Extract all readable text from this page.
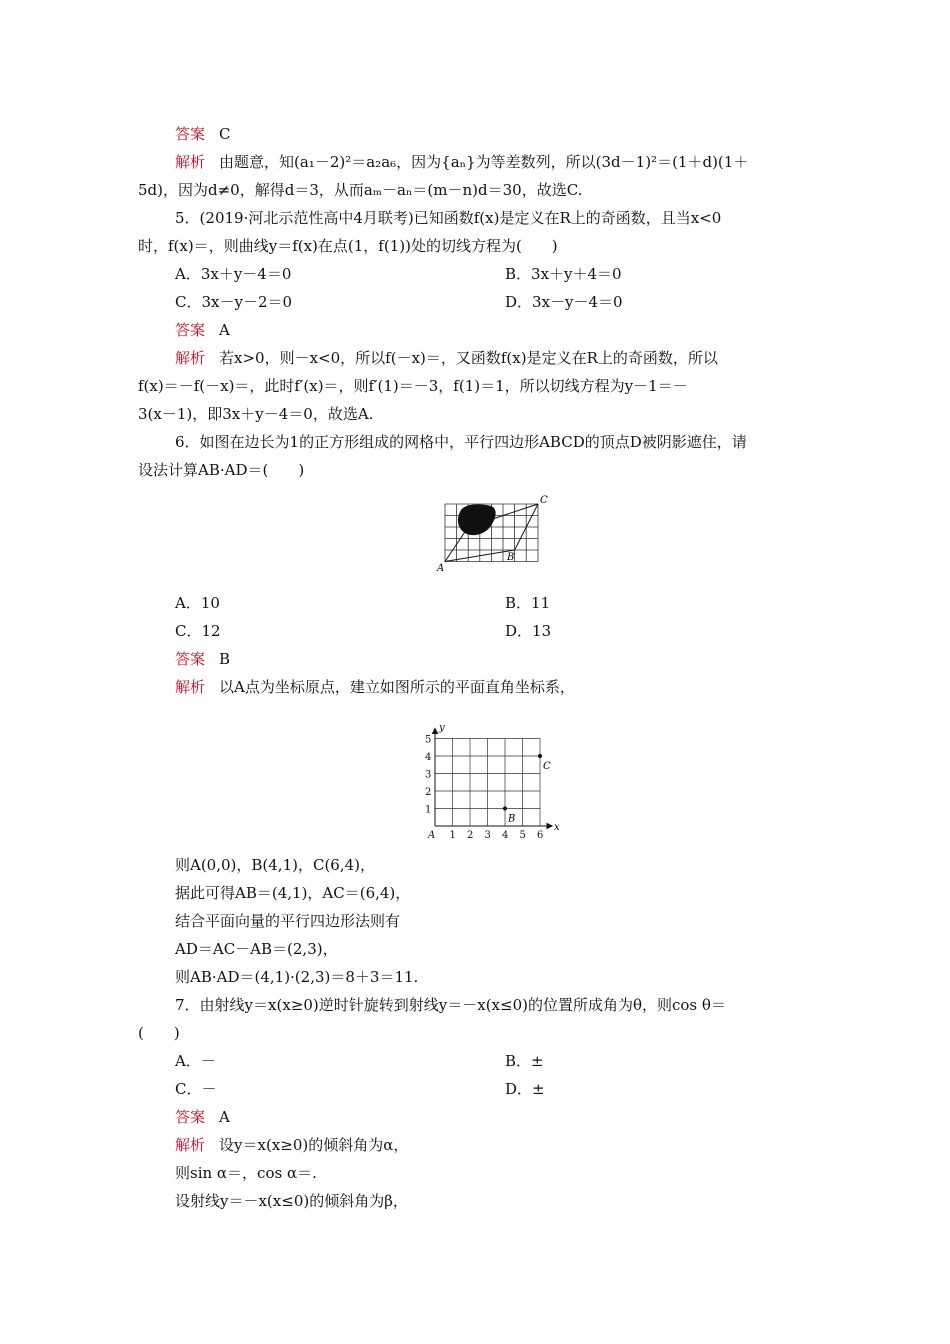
答案 C
解析 由题意，知(a₁－2)²＝a₂a₆，因为{aₙ}为等差数列，所以(3d－1)²＝(1＋d)(1＋
5d)，因为d≠0，解得d＝3，从而aₘ－aₙ＝(m－n)d＝30，故选C.
5．(2019·河北示范性高中4月联考)已知函数f(x)是定义在R上的奇函数，且当x<0
时，f(x)＝，则曲线y＝f(x)在点(1，f(1))处的切线方程为(　　)
A．3x＋y－4＝0	B．3x＋y＋4＝0
C．3x－y－2＝0	D．3x－y－4＝0
答案 A
解析 若x>0，则－x<0，所以f(－x)＝，又函数f(x)是定义在R上的奇函数，所以
f(x)＝－f(－x)＝，此时f′(x)＝，则f′(1)＝－3，f(1)＝1，所以切线方程为y－1＝－
3(x－1)，即3x＋y－4＝0，故选A.
6．如图在边长为1的正方形组成的网格中，平行四边形ABCD的顶点D被阴影遮住，请
设法计算AB·AD＝(　　)
A
B
C
A．10	B．11
C．12	D．13
答案 B
解析 以A点为坐标原点，建立如图所示的平面直角坐标系，
1 2 3 4 5 6
1
2
3
4
5
x
y
A
B
C
则A(0,0)，B(4,1)，C(6,4)，
据此可得AB＝(4,1)，AC＝(6,4)，
结合平面向量的平行四边形法则有
AD＝AC－AB＝(2,3)，
则AB·AD＝(4,1)·(2,3)＝8＋3＝11.
7．由射线y＝x(x≥0)逆时针旋转到射线y＝－x(x≤0)的位置所成角为θ，则cos θ＝
(　　)
A．－	B．±
C．－	D．±
答案 A
解析 设y＝x(x≥0)的倾斜角为α，
则sin α＝，cos α＝.
设射线y＝－x(x≤0)的倾斜角为β，
